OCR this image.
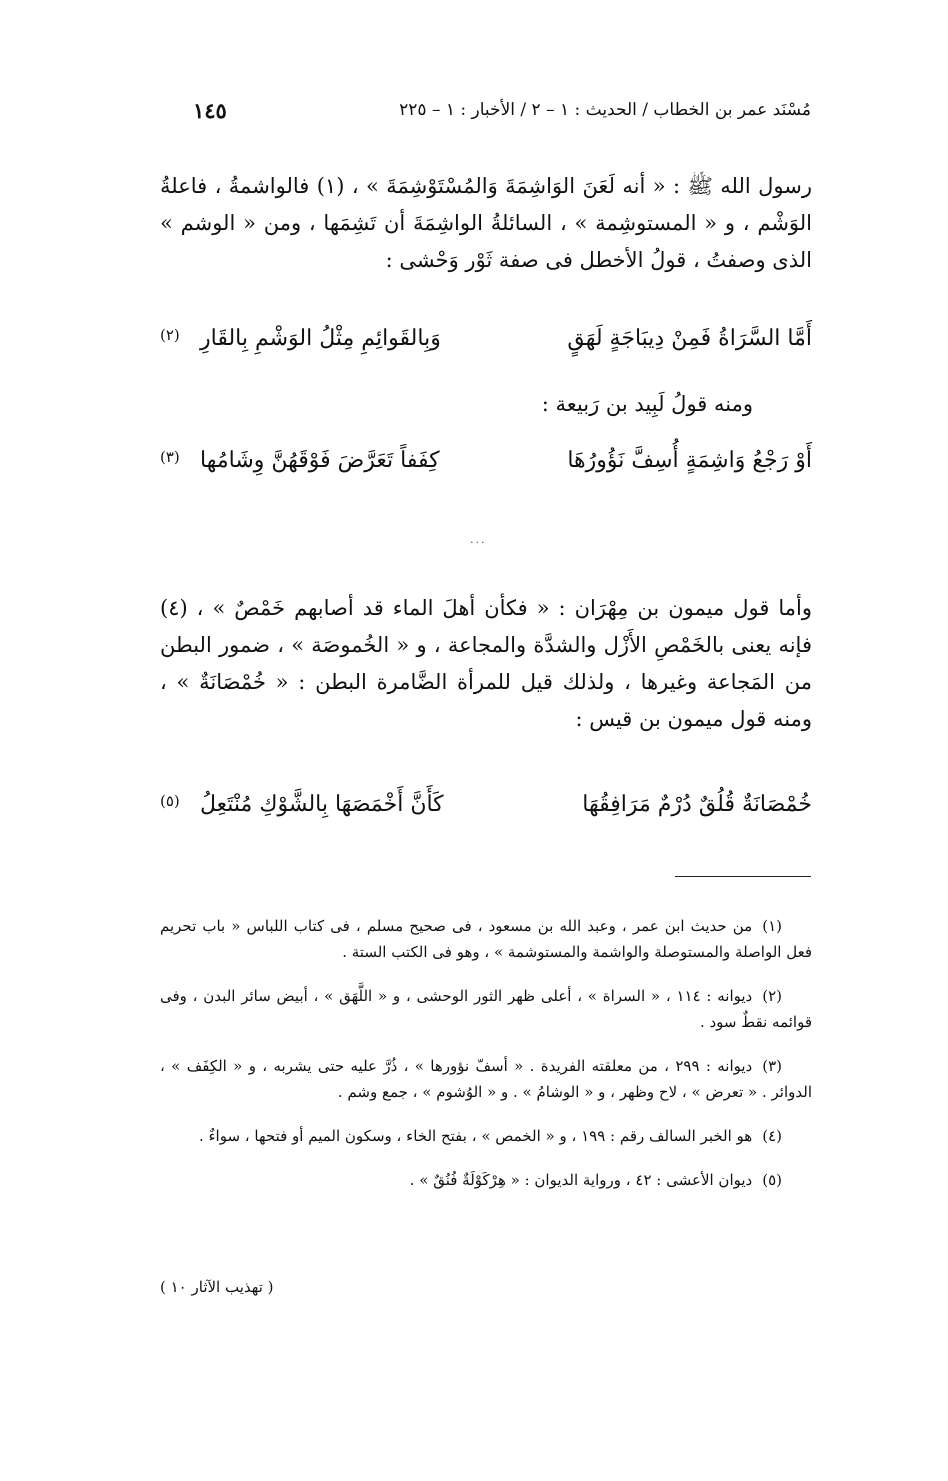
مُسْنَد عمر بن الخطاب / الحديث : ١ – ٢ / الأخبار : ١ – ٢٢٥
١٤٥

رسول الله ﷺ : « أنه لَعَنَ الوَاشِمَةَ وَالمُسْتَوْشِمَةَ » ، (١) فالواشمةُ ، فاعلةُ الوَشْم ، و « المستوشِمة » ، السائلةُ الواشِمَةَ أن تَشِمَها ، ومن « الوشم » الذى وصفتُ ، قولُ الأخطل فى صفة ثَوْر وَحْشى :

أَمَّا السَّرَاةُ فَمِنْ دِيبَاجَةٍ لَهَقٍ
وَبِالقَوائِمِ مِثْلُ الوَشْمِ بِالقَارِ
(٢)
ومنه قولُ لَبِيد بن رَبيعة :
أَوْ رَجْعُ وَاشِمَةٍ أُسِفَّ نَؤُورُهَا
كِفَفاً تَعَرَّضَ فَوْقَهُنَّ وِشَامُها
(٣)
...

وأما قول ميمون بن مِهْرَان : « فكأن أهلَ الماء قد أصابهم خَمْصٌ » ، (٤) فإنه يعنى بالخَمْصِ الأَزْل والشدَّة والمجاعة ، و « الخُموصَة » ، ضمور البطن من المَجاعة وغيرها ، ولذلك قيل للمرأة الضَّامرة البطن : « خُمْصَانَةٌ » ، ومنه قول ميمون بن قيس :

خُمْصَانَةٌ قُلُقٌ دُرْمٌ مَرَافِقُهَا
كَأَنَّ أَخْمَصَهَا بِالشَّوْكِ مُنْتَعِلُ
(٥)

(١)من حديث ابن عمر ، وعبد الله بن مسعود ، فى صحيح مسلم ، فى كتاب اللباس « باب تحريم فعل الواصلة والمستوصلة والواشمة والمستوشمة » ، وهو فى الكتب الستة .

(٢)ديوانه : ١١٤ ، « السراة » ، أعلى ظهر الثور الوحشى ، و « اللَّهَق » ، أبيض سائر البدن ، وفى قوائمه نقطٌ سود .

(٣)ديوانه : ٢٩٩ ، من معلقته الفريدة . « أسفّ نؤورها » ، ذُرَّ عليه حتى يشربه ، و « الكِفَف » ، الدوائر . « تعرض » ، لاح وظهر ، و « الوشامُ » . و « الوُشوم » ، جمع وشم .

(٤)هو الخبر السالف رقم : ١٩٩ ، و « الخمص » ، بفتح الخاء ، وسكون الميم أو فتحها ، سواءٌ .

(٥)ديوان الأعشى : ٤٢ ، ورواية الديوان : « هِرْكَوْلَةٌ فُنُقٌ » .

( تهذيب الآثار ١٠ )
